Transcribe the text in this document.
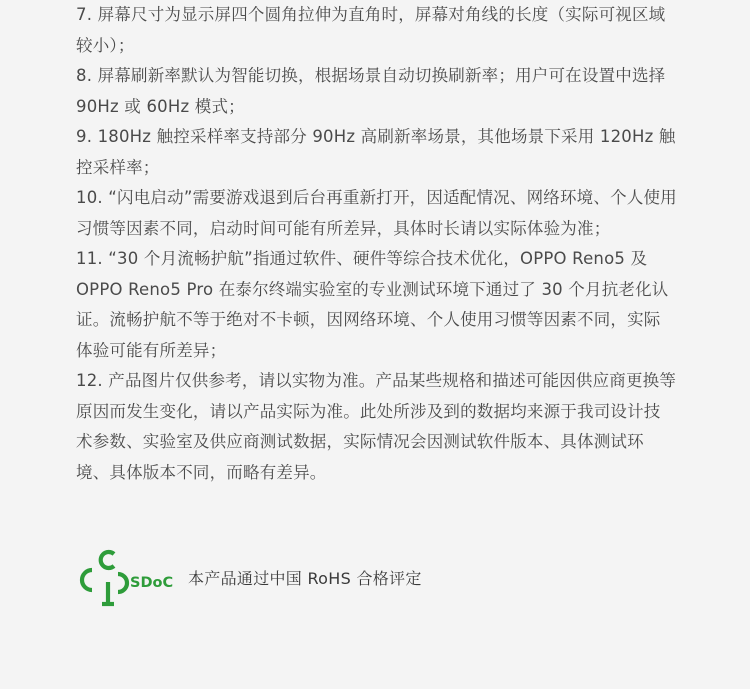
7. 屏幕尺寸为显示屏四个圆角拉伸为直角时，屏幕对角线的长度（实际可视区域
较小）；
8. 屏幕刷新率默认为智能切换，根据场景自动切换刷新率；用户可在设置中选择
90Hz 或 60Hz 模式；
9. 180Hz 触控采样率支持部分 90Hz 高刷新率场景，其他场景下采用 120Hz 触
控采样率；
10. “闪电启动”需要游戏退到后台再重新打开，因适配情况、网络环境、个人使用
习惯等因素不同，启动时间可能有所差异，具体时长请以实际体验为准；
11. “30 个月流畅护航”指通过软件、硬件等综合技术优化，OPPO Reno5 及
OPPO Reno5 Pro 在泰尔终端实验室的专业测试环境下通过了 30 个月抗老化认
证。流畅护航不等于绝对不卡顿，因网络环境、个人使用习惯等因素不同，实际
体验可能有所差异；
12. 产品图片仅供参考，请以实物为准。产品某些规格和描述可能因供应商更换等
原因而发生变化，请以产品实际为准。此处所涉及到的数据均来源于我司设计技
术参数、实验室及供应商测试数据，实际情况会因测试软件版本、具体测试环
境、具体版本不同，而略有差异。
SDoC 本产品通过中国 RoHS 合格评定
